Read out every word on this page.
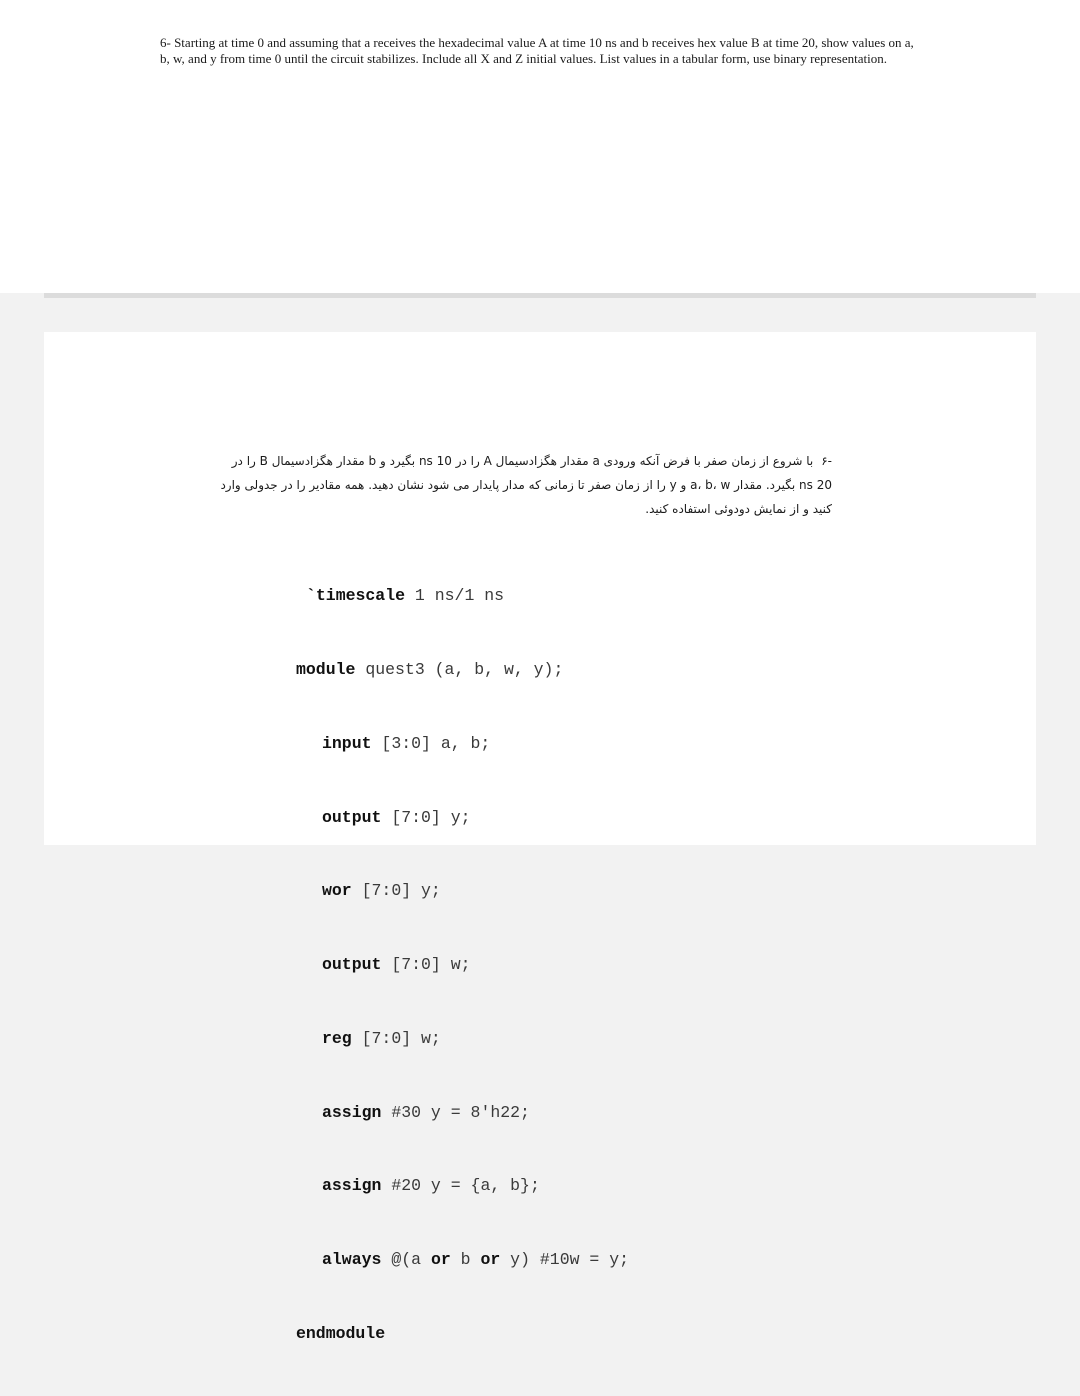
6- Starting at time 0 and assuming that a receives the hexadecimal value A at time 10 ns and b receives hex value B at time 20, show values on a, b, w, and y from time 0 until the circuit stabilizes. Include all X and Z initial values. List values in a tabular form, use binary representation.
-۶با شروع از زمان صفر با فرض آنکه ورودی a مقدار هگزادسیمال A را در 10 ns بگیرد و b مقدار هگزادسیمال B را در
20 ns بگیرد. مقدار a، b، w و y را از زمان صفر تا زمانی که مدار پایدار می شود نشان دهید. همه مقادیر را در جدولی وارد
کنید و از نمایش دودوئی استفاده کنید.

`timescale 1 ns/1 ns

module quest3 (a, b, w, y);

input [3:0] a, b;

output [7:0] y;

wor [7:0] y;

output [7:0] w;

reg [7:0] w;

assign #30 y = 8'h22;

assign #20 y = {a, b};

always @(a or b or y) #10w = y;

endmodule
